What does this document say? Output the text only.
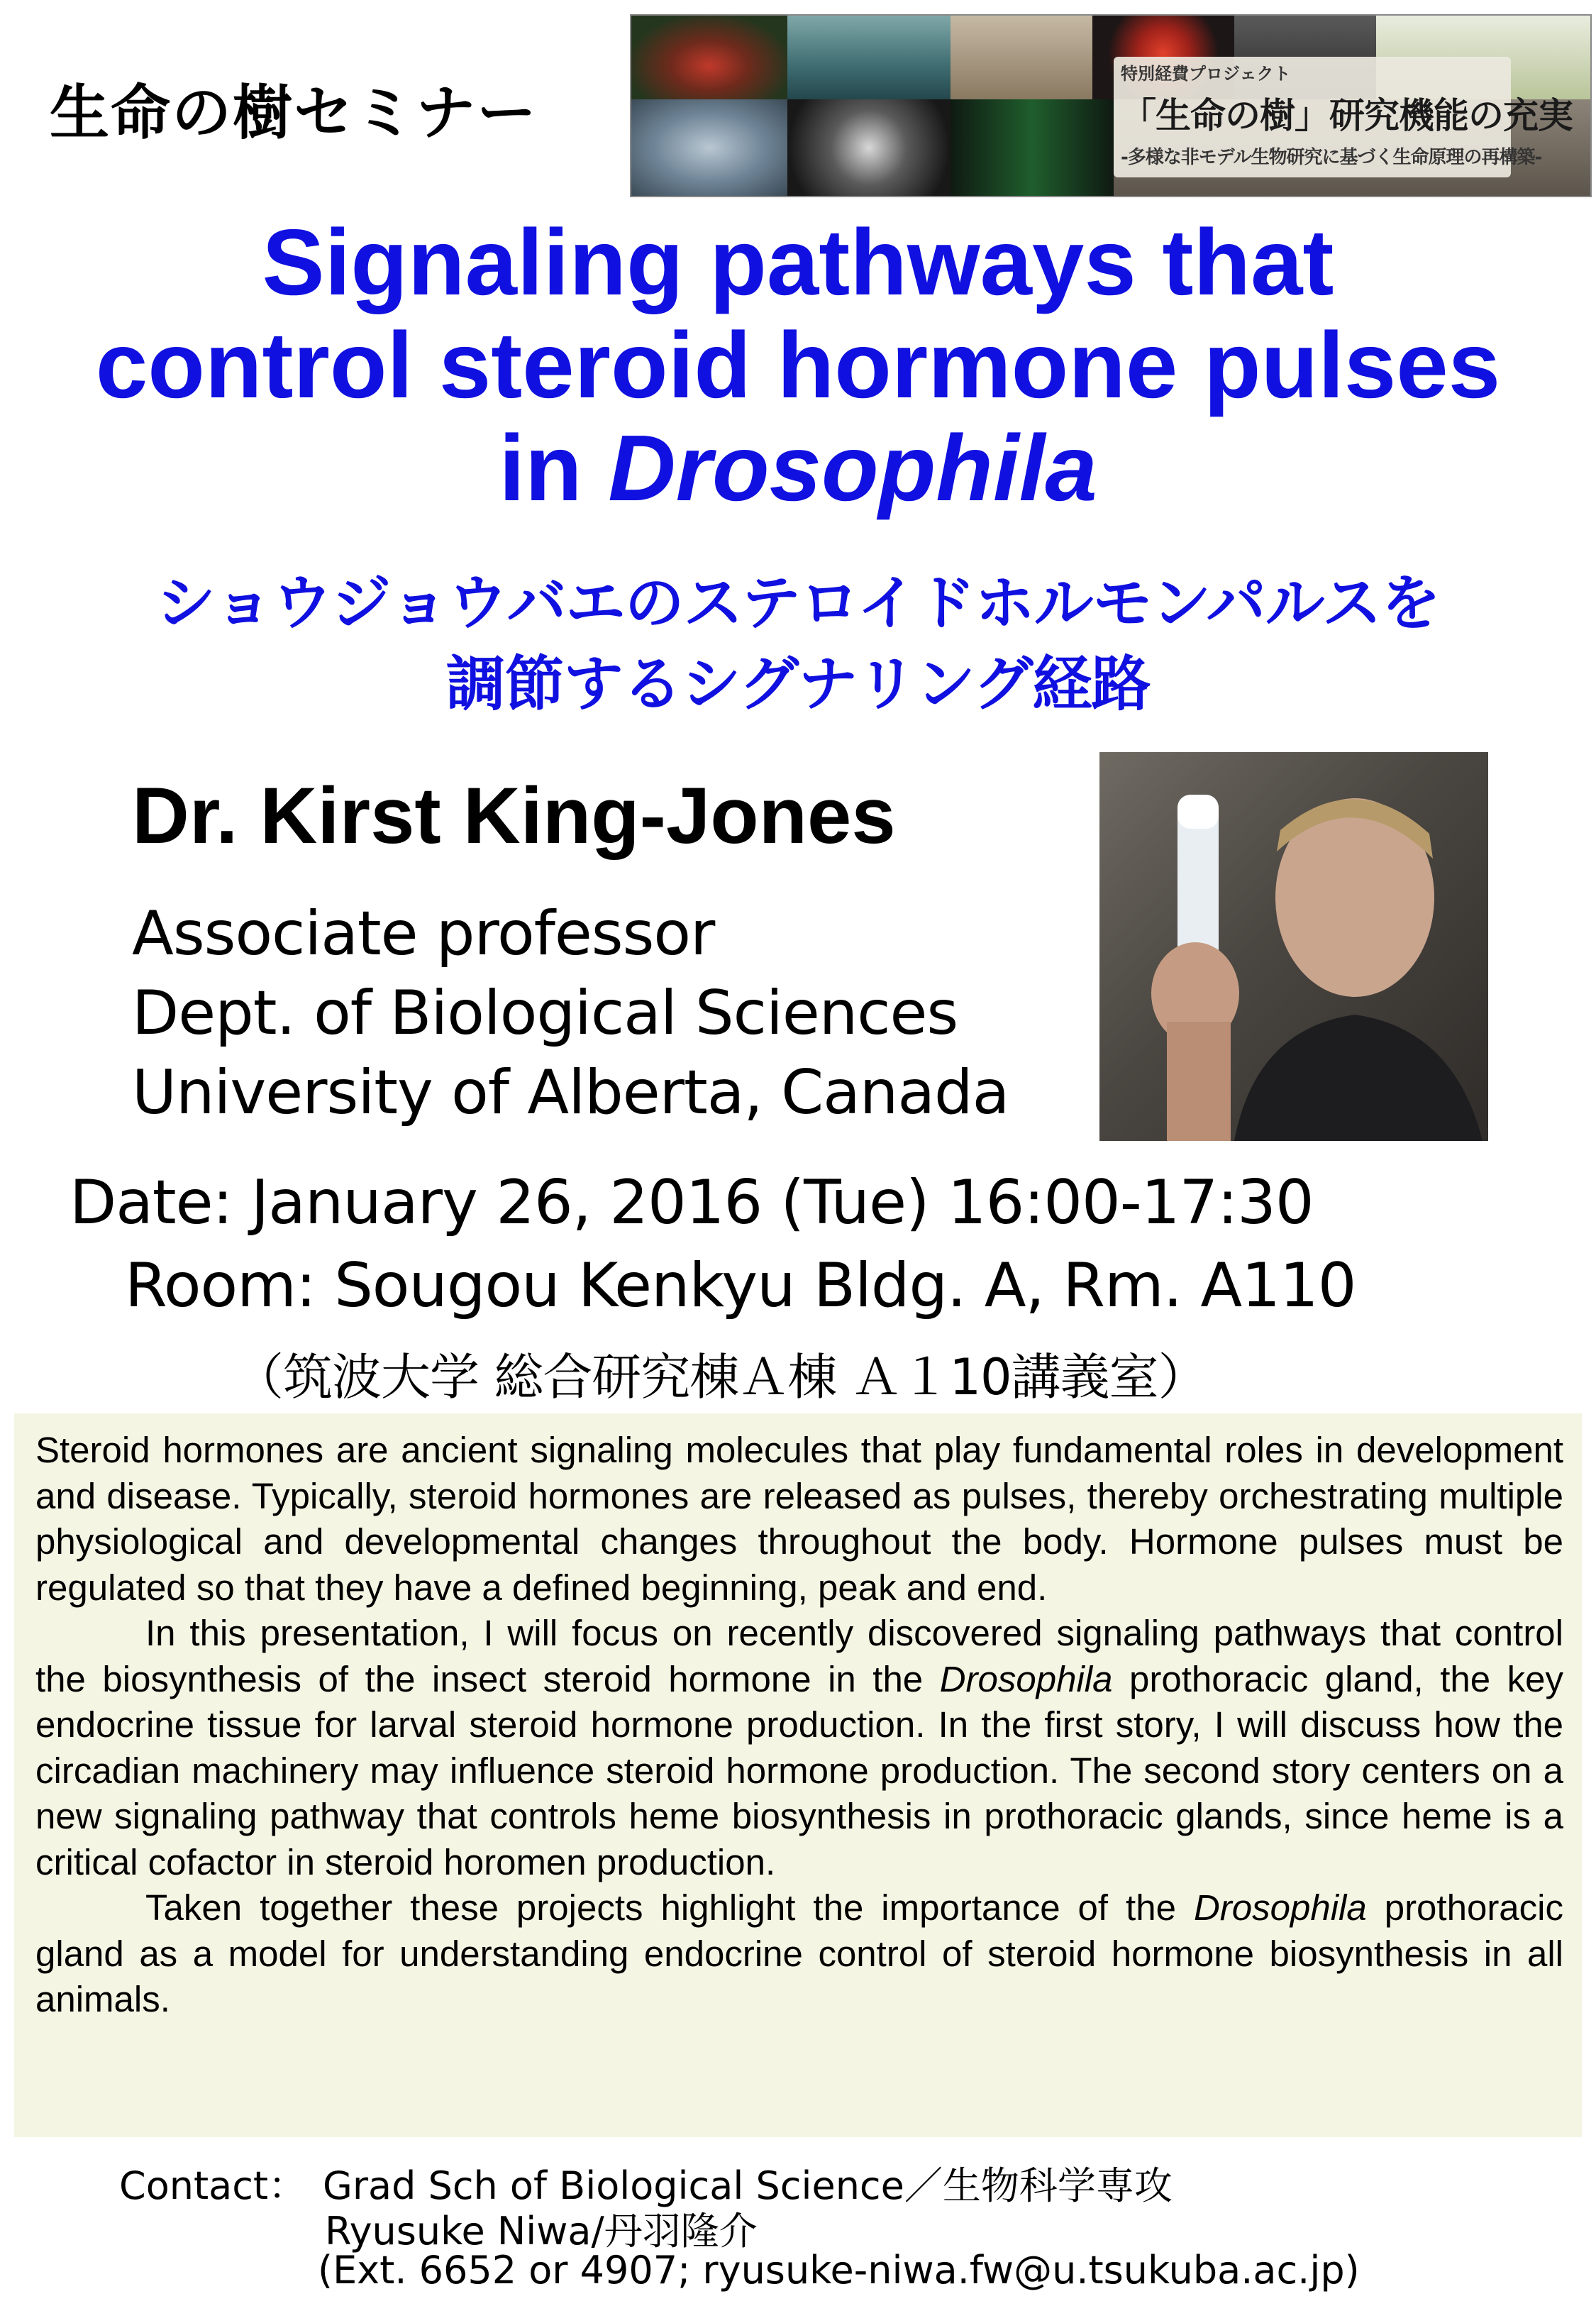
生命の樹セミナー
特別経費プロジェクト
「生命の樹」研究機能の充実
-多様な非モデル生物研究に基づく生命原理の再構築-
Signaling pathways that
control steroid hormone pulses
in Drosophila
ショウジョウバエのステロイドホルモンパルスを
調節するシグナリング経路
Dr. Kirst King-Jones
Associate professor
Dept. of Biological Sciences
University of Alberta, Canada
Date: January 26, 2016 (Tue) 16:00-17:30
Room: Sougou Kenkyu Bldg. A, Rm. A110
（筑波大学 総合研究棟Ａ棟 Ａ１10講義室）

Steroid hormones are ancient signaling molecules that play fundamental roles in development and disease. Typically, steroid hormones are released as pulses, thereby orchestrating multiple physiological and developmental changes throughout the body. Hormone pulses must be regulated so that they have a defined beginning, peak and end.

In this presentation, I will focus on recently discovered signaling pathways that control the biosynthesis of the insect steroid hormone in the Drosophila prothoracic gland, the key endocrine tissue for larval steroid hormone production. In the first story, I will discuss how the circadian machinery may influence steroid hormone production. The second story centers on a new signaling pathway that controls heme biosynthesis in prothoracic glands, since heme is a critical cofactor in steroid horomen production.

Taken together these projects highlight the importance of the Drosophila prothoracic gland as a model for understanding endocrine control of steroid hormone biosynthesis in all animals.

Contact： Grad Sch of Biological Science／生物科学専攻
Ryusuke Niwa/丹羽隆介
(Ext. 6652 or 4907; ryusuke-niwa.fw@u.tsukuba.ac.jp)
